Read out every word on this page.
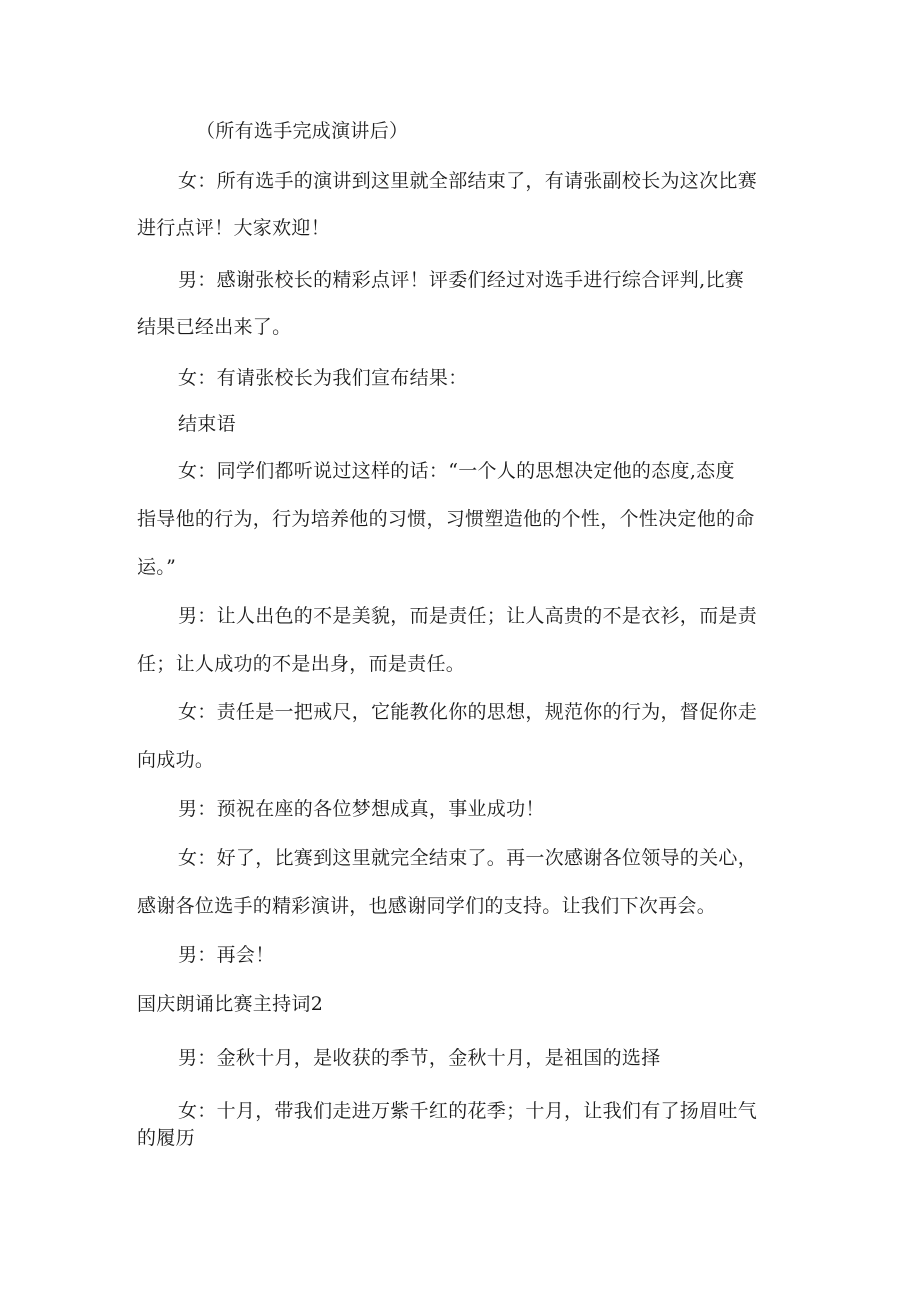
（所有选手完成演讲后）
女：所有选手的演讲到这里就全部结束了，有请张副校长为这次比赛
进行点评！大家欢迎！
男：感谢张校长的精彩点评！评委们经过对选手进行综合评判,比赛
结果已经出来了。
女：有请张校长为我们宣布结果：
结束语
女：同学们都听说过这样的话：“一个人的思想决定他的态度,态度
指导他的行为，行为培养他的习惯，习惯塑造他的个性，个性决定他的命
运。”
男：让人出色的不是美貌，而是责任；让人高贵的不是衣衫，而是责
任；让人成功的不是出身，而是责任。
女：责任是一把戒尺，它能教化你的思想，规范你的行为，督促你走
向成功。
男：预祝在座的各位梦想成真，事业成功！
女：好了，比赛到这里就完全结束了。再一次感谢各位领导的关心，
感谢各位选手的精彩演讲，也感谢同学们的支持。让我们下次再会。
男：再会！
国庆朗诵比赛主持词2
男：金秋十月，是收获的季节，金秋十月，是祖国的选择
女：十月，带我们走进万紫千红的花季；十月，让我们有了扬眉吐气
的履历
